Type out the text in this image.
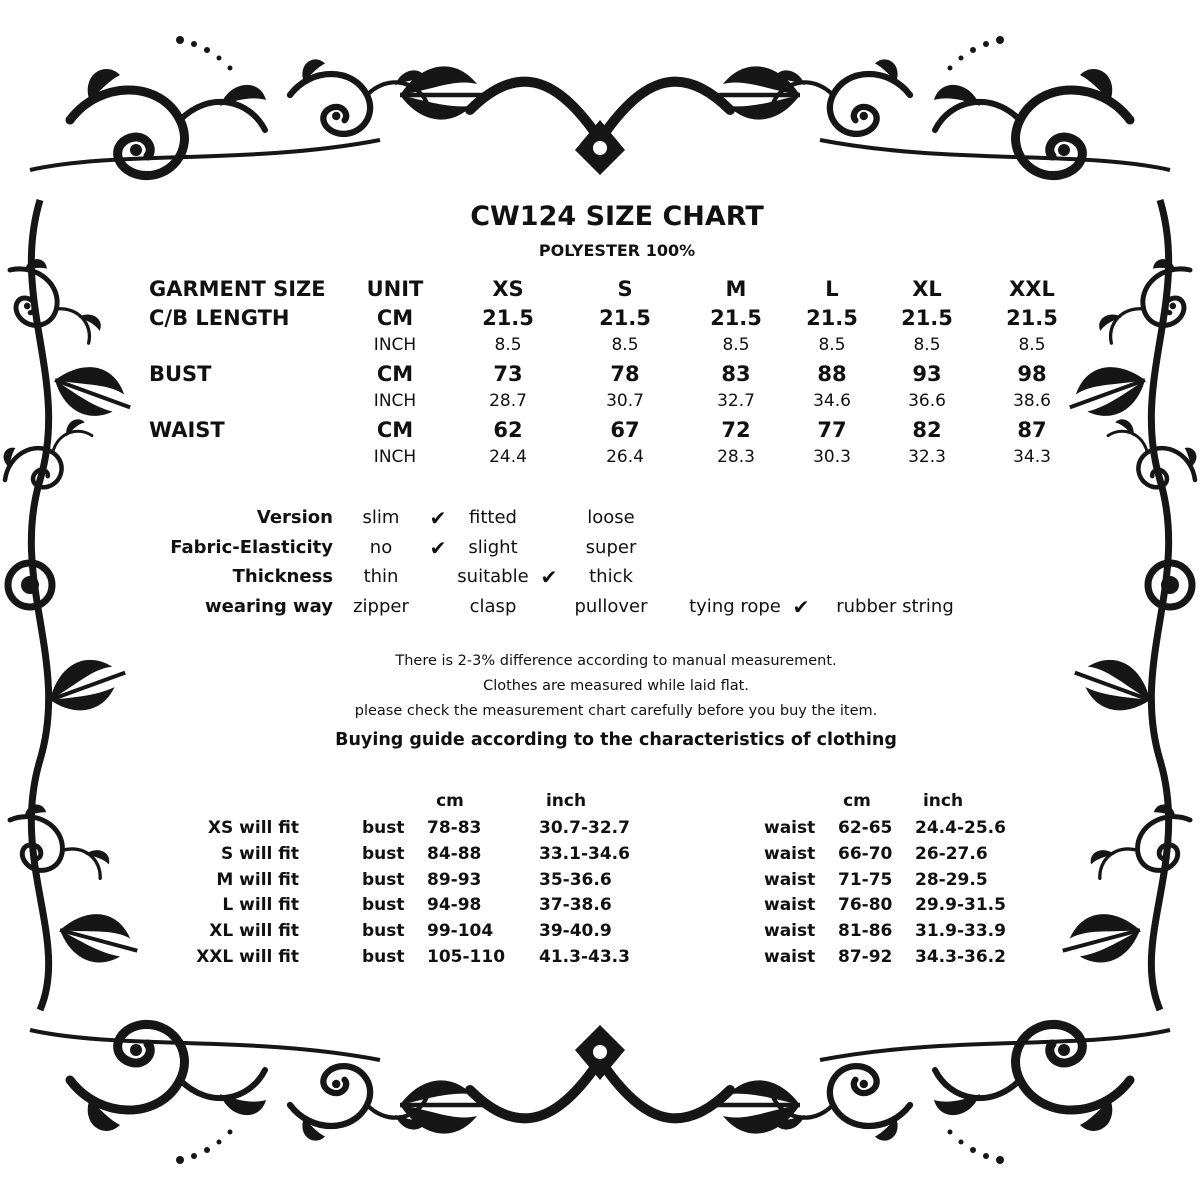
CW124 SIZE CHART
POLYESTER 100%
GARMENT SIZE UNIT	XS	S	M	L	XL	XXL
C/B LENGTH	CM	21.5	21.5	21.5 21.5 21.5	21.5
INCH	8.5	8.5	8.5	8.5	8.5	8.5
BUST	CM	73	78	83	88	93	98
INCH	28.7	30.7	32.7	34.6	36.6	38.6
WAIST	CM	62	67	72	77	82	87
INCH	24.4	26.4	28.3	30.3	32.3	34.3
Version slim ✔ fitted	loose
Fabric-Elasticity no ✔ slight	super
Thickness thin	suitable ✔ thick
wearing way zipper	clasp	pullover tying rope ✔ rubber string
There is 2-3% difference according to manual measurement.
Clothes are measured while laid flat.
please check the measurement chart carefully before you buy the item.
Buying guide according to the characteristics of clothing
cm	inch	cm	inch
XS will fit	bust 78-83	30.7-32.7	waist 62-65 24.4-25.6
S will fit	bust 84-88	33.1-34.6	waist 66-70 26-27.6
M will fit	bust 89-93	35-36.6	waist 71-75 28-29.5
L will fit	bust 94-98	37-38.6	waist 76-80 29.9-31.5
XL will fit	bust 99-104	39-40.9	waist 81-86 31.9-33.9
XXL will fit	bust 105-110 41.3-43.3	waist 87-92 34.3-36.2
